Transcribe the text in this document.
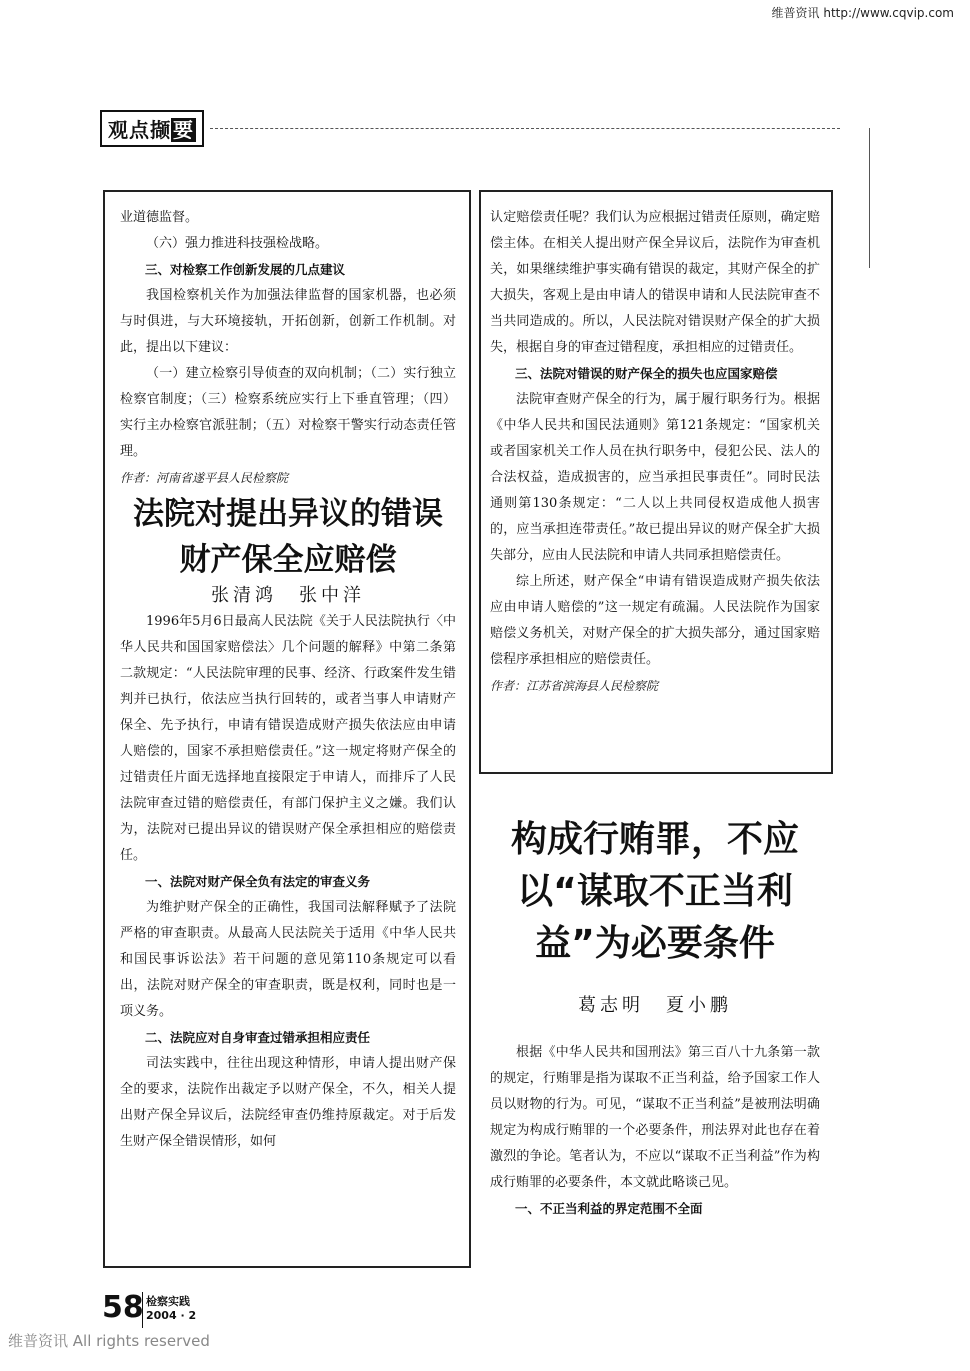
维普资讯 http://www.cqvip.com
观点撷 要

业道德监督。

（六）强力推进科技强检战略。

三、对检察工作创新发展的几点建议

我国检察机关作为加强法律监督的国家机器，也必须与时俱进，与大环境接轨，开拓创新，创新工作机制。对此，提出以下建议：

（一）建立检察引导侦查的双向机制；（二）实行独立检察官制度；（三）检察系统应实行上下垂直管理；（四）实行主办检察官派驻制；（五）对检察干警实行动态责任管理。

作者：河南省遂平县人民检察院

法院对提出异议的错误财产保全应赔偿

张清鸿　张中洋

1996年5月6日最高人民法院《关于人民法院执行〈中华人民共和国国家赔偿法〉几个问题的解释》中第二条第二款规定：“人民法院审理的民事、经济、行政案件发生错判并已执行，依法应当执行回转的，或者当事人申请财产保全、先予执行，申请有错误造成财产损失依法应由申请人赔偿的，国家不承担赔偿责任。”这一规定将财产保全的过错责任片面无选择地直接限定于申请人，而排斥了人民法院审查过错的赔偿责任，有部门保护主义之嫌。我们认为，法院对已提出异议的错误财产保全承担相应的赔偿责任。

一、法院对财产保全负有法定的审查义务

为维护财产保全的正确性，我国司法解释赋予了法院严格的审查职责。从最高人民法院关于适用《中华人民共和国民事诉讼法》若干问题的意见第110条规定可以看出，法院对财产保全的审查职责，既是权利，同时也是一项义务。

二、法院应对自身审查过错承担相应责任

司法实践中，往往出现这种情形，申请人提出财产保全的要求，法院作出裁定予以财产保全，不久，相关人提出财产保全异议后，法院经审查仍维持原裁定。对于后发生财产保全错误情形，如何

认定赔偿责任呢？我们认为应根据过错责任原则，确定赔偿主体。在相关人提出财产保全异议后，法院作为审查机关，如果继续维护事实确有错误的裁定，其财产保全的扩大损失，客观上是由申请人的错误申请和人民法院审查不当共同造成的。所以，人民法院对错误财产保全的扩大损失，根据自身的审查过错程度，承担相应的过错责任。

三、法院对错误的财产保全的损失也应国家赔偿

法院审查财产保全的行为，属于履行职务行为。根据《中华人民共和国民法通则》第121条规定：“国家机关或者国家机关工作人员在执行职务中，侵犯公民、法人的合法权益，造成损害的，应当承担民事责任”。同时民法通则第130条规定：“二人以上共同侵权造成他人损害的，应当承担连带责任。”故已提出异议的财产保全扩大损失部分，应由人民法院和申请人共同承担赔偿责任。

综上所述，财产保全“申请有错误造成财产损失依法应由申请人赔偿的”这一规定有疏漏。人民法院作为国家赔偿义务机关，对财产保全的扩大损失部分，通过国家赔偿程序承担相应的赔偿责任。

作者：江苏省滨海县人民检察院

构成行贿罪，不应以“谋取不正当利益”为必要条件
葛志明　夏小鹏

根据《中华人民共和国刑法》第三百八十九条第一款的规定，行贿罪是指为谋取不正当利益，给予国家工作人员以财物的行为。可见，“谋取不正当利益”是被刑法明确规定为构成行贿罪的一个必要条件，刑法界对此也存在着激烈的争论。笔者认为，不应以“谋取不正当利益”作为构成行贿罪的必要条件，本文就此略谈己见。

一、不正当利益的界定范围不全面

58 检察实践
2004 · 2
维普资讯 All rights reserved
